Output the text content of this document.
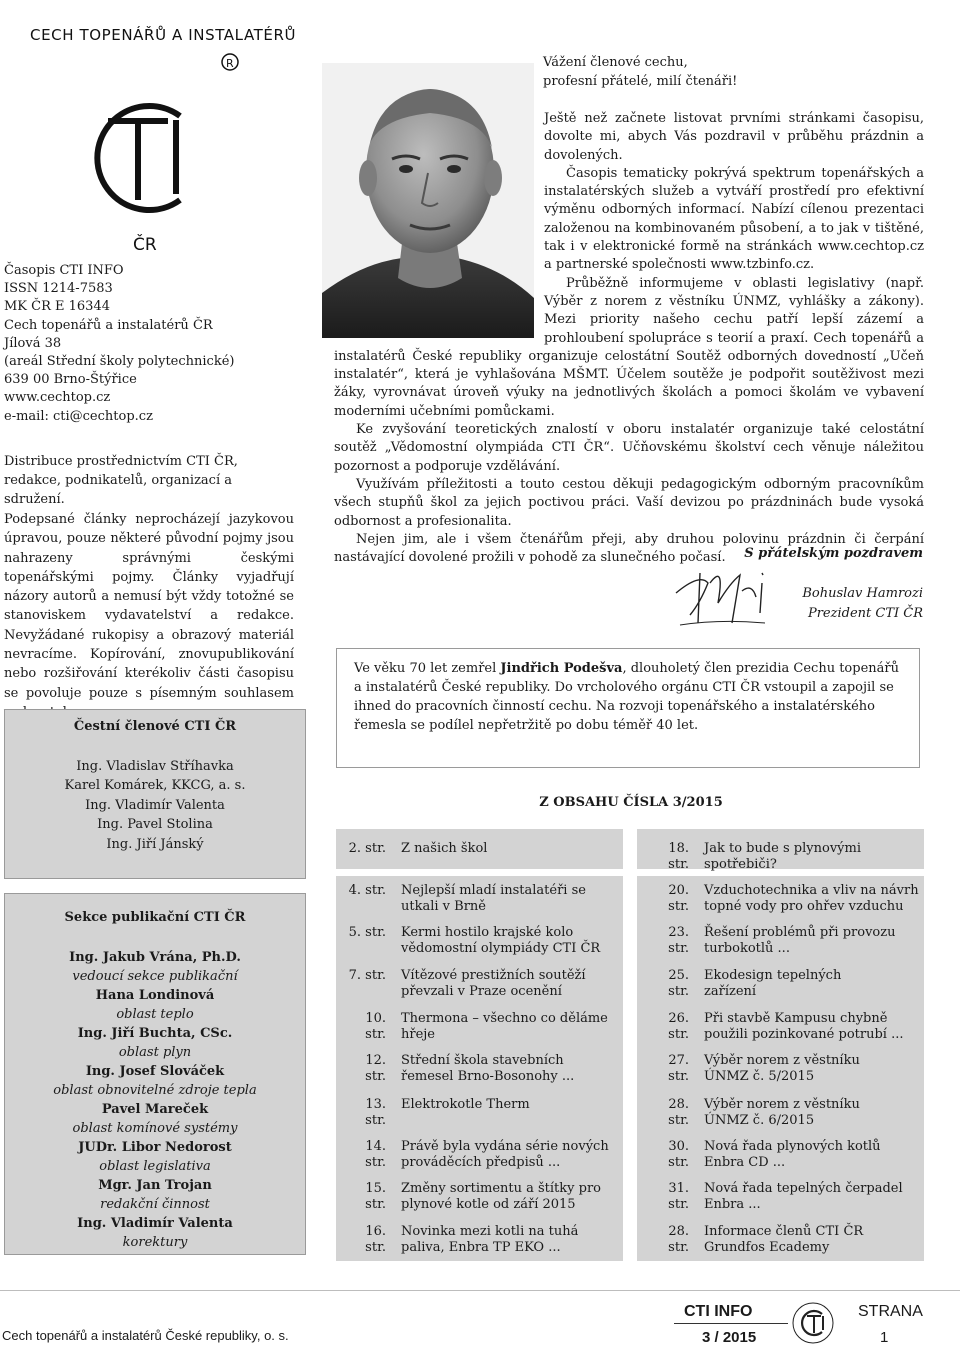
CECH TOPENÁŘŮ A INSTALATÉRŮ
ČR
R

Časopis CTI INFO

ISSN 1214-7583

MK ČR E 16344

Cech topenářů a instalatérů ČR

Jílová 38

(areál Střední školy polytechnické)

639 00 Brno-Štýřice

www.cechtop.cz

e-mail: cti@cechtop.cz

Distribuce prostřednictvím CTI ČR, redakce, podnikatelů, organizací a sdružení.
Podepsané články neprocházejí jazykovou úpravou, pouze některé původní pojmy jsou nahrazeny správnými českými topenářskými pojmy. Články vyjadřují názory autorů a nemusí být vždy totožné se stanoviskem vydavatelství a redakce. Nevyžádané rukopisy a obrazový materiál nevracíme. Kopírování, znovupublikování nebo rozšiřování kterékoliv části časopisu se povoluje pouze s písemným souhlasem
Čestní členové CTI ČR
Ing. Vladislav Stříhavka
Karel Komárek, KKCG, a. s.
Ing. Vladimír Valenta
Ing. Pavel Stolina
Ing. Jiří Jánský
Sekce publikační CTI ČR
Ing. Jakub Vrána, Ph.D.
vedoucí sekce publikační
Hana Londinová
oblast teplo
Ing. Jiří Buchta, CSc.
oblast plyn
Ing. Josef Slováček
oblast obnovitelné zdroje tepla
Pavel Mareček
oblast komínové systémy
JUDr. Libor Nedorost
oblast legislativa
Mgr. Jan Trojan
redakční činnost
Ing. Vladimír Valenta
korektury
Vážení členové cechu,
profesní přátelé, milí čtenáři!

Ještě než začnete listovat prvními stránkami časopisu, dovolte mi, abych Vás pozdravil v průběhu prázdnin a dovolených.

Časopis tematicky pokrývá spektrum topenářských a instalatérských služeb a vytváří prostředí pro efektivní výměnu odborných informací. Nabízí cílenou prezentaci založenou na kombinovaném působení, a to jak v tištěné, tak i v elektronické formě na stránkách www.cechtop.cz a partnerské společnosti www.tzbinfo.cz.

Průběžně informujeme v oblasti legislativy (např. Výběr z norem z věstníku ÚNMZ, vyhlášky a zákony). Mezi priority našeho cechu patří lepší zázemí a prohloubení spolupráce s teorií a praxí. Cech topenářů a instalatérů České republiky organizuje celostátní Soutěž odborných dovedností „Učeň instalatér“, která je vyhlašována MŠMT. Účelem soutěže je podpořit soutěživost mezi žáky, vyrovnávat úroveň výuky na jednotlivých školách a pomoci školám ve vybavení moderními učebními pomůckami.

Ke zvyšování teoretických znalostí v oboru instalatér organizuje také celostátní soutěž „Vědomostní olympiáda CTI ČR“. Učňovskému školství cech věnuje náležitou pozornost a podporuje vzdělávání.

Využívám příležitosti a touto cestou děkuji pedagogickým odborným pracovníkům všech stupňů škol za jejich poctivou práci. Vaší devizou po prázdninách bude vysoká odbornost a profesionalita.

Nejen jim, ale i všem čtenářům přeji, aby druhou polovinu prázdnin či čerpání nastávající dovolené prožili v pohodě za slunečného počasí.	S přátelským pozdravem
Bohuslav Hamrozi
Prezident CTI ČR
Ve věku 70 let zemřel Jindřich Podešva, dlouholetý člen prezidia Cechu topenářů a instalatérů České republiky. Do vrcholového orgánu CTI ČR vstoupil a zapojil se ihned do pracovních činností cechu. Na rozvoji topenářského a instalatérského řemesla se podílel nepřetržitě po dobu téměř 40 let.
Z OBSAHU ČÍSLA 3/2015
2. str. Z našich škol
4. str. Nejlepší mladí instalatéři se utkali v Brně
5. str. Kermi hostilo krajské kolo vědomostní olympiády CTI ČR
7. str. Vítězové prestižních soutěží převzali v Praze ocenění
10. str.
Thermona – všechno co děláme hřeje
12. str.
Střední škola stavebních řemesel Brno-Bosonohy ...
13. str.
Elektrokotle Therm
14. str.
Právě byla vydána série nových prováděcích předpisů ...
15. str.
Změny sortimentu a štítky pro plynové kotle od září 2015
16. str.
Novinka mezi kotli na tuhá paliva, Enbra TP EKO ...
18. str.
Jak to bude s plynovými spotřebiči?
20. str.
Vzduchotechnika a vliv na návrh topné vody pro ohřev vzduchu
23. str.
Řešení problémů při provozu turbokotlů ...
25. str.
Ekodesign tepelných zařízení
26. str.
Při stavbě Kampusu chybně použili pozinkované potrubí ...
27. str.
Výběr norem z věstníku ÚNMZ č. 5/2015
28. str.
Výběr norem z věstníku ÚNMZ č. 6/2015
30. str.
Nová řada plynových kotlů Enbra CD ...
31. str.
Nová řada tepelných čerpadel Enbra ...
28. str.
Informace členů CTI ČR Grundfos Ecademy
Cech topenářů a instalatérů České republiky, o. s.
CTI INFO
3 / 2015
STRANA
1
